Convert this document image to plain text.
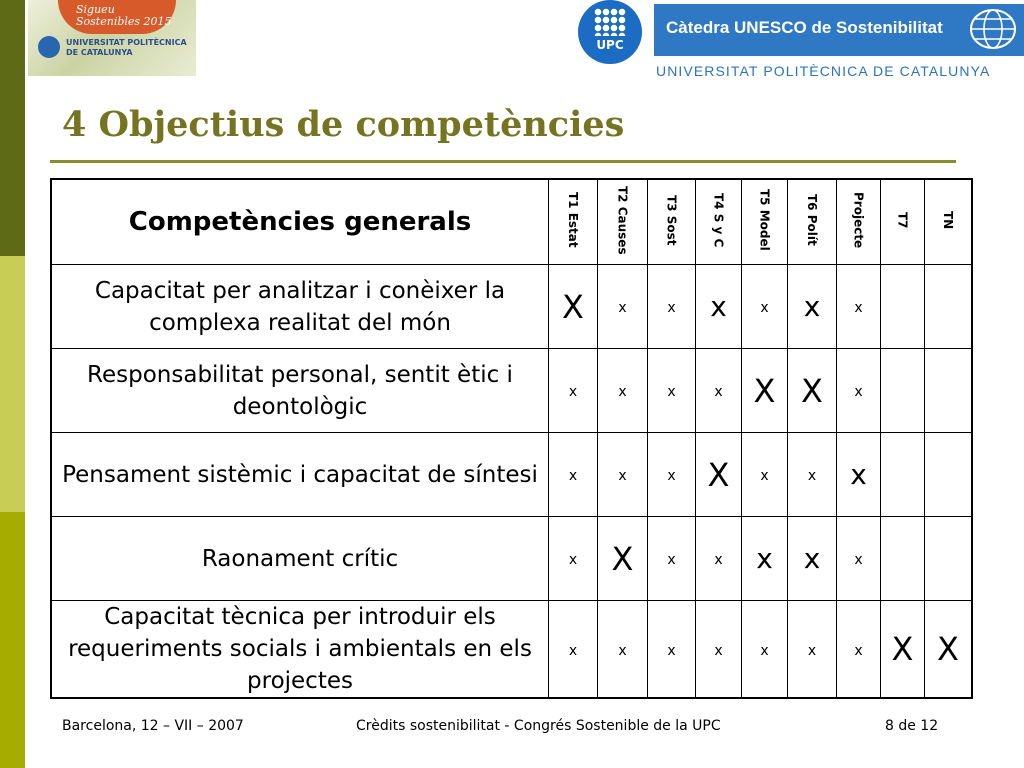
Sigueu
Sostenibles 2015
UNIVERSITAT POLITÈCNICA
DE CATALUNYA
UPC
Càtedra UNESCO de Sostenibilitat
UNIVERSITAT POLITÈCNICA DE CATALUNYA
4 Objectius de competències
Competències generals	T1 Estat	T2 Causes	T3 Sost	T4 S y C	T5 Model	T6 Polít	Projecte	T7	TN
Capacitat per analitzar i conèixer la complexa realitat del món	X	x	x	x	x	x	x		
Responsabilitat personal, sentit ètic i deontològic	x	x	x	x	X	X	x		
Pensament sistèmic i capacitat de síntesi	x	x	x	X	x	x	x		
Raonament crític	x	X	x	x	x	x	x		
Capacitat tècnica per introduir els requeriments socials i ambientals en els projectes	x	x	x	x	x	x	x	X	X
Barcelona, 12 – VII – 2007	Crèdits sostenibilitat - Congrés Sostenible de la UPC	8 de 12
